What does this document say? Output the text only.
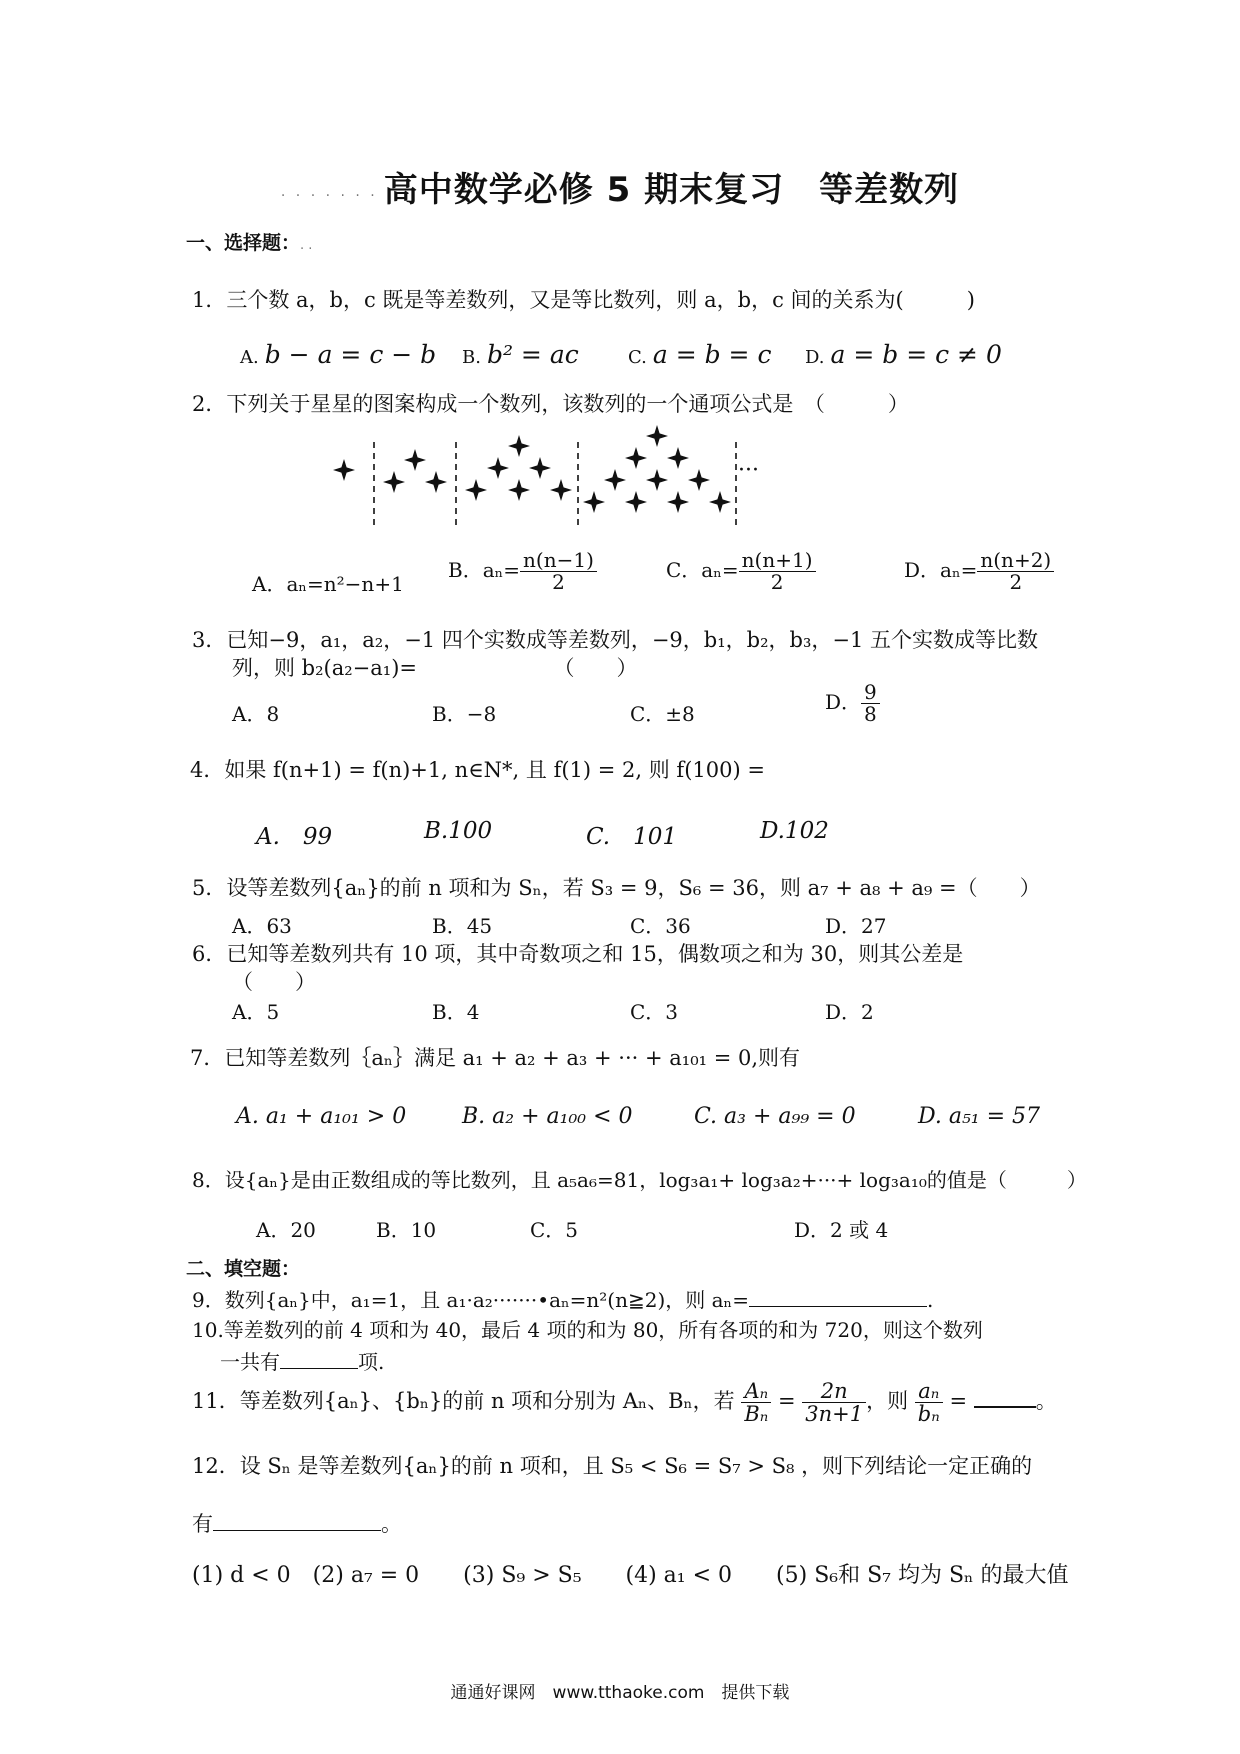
. . . . . . . 高中数学必修 5 期末复习　等差数列
一、选择题：. .
1．三个数 a，b，c 既是等差数列，又是等比数列，则 a，b，c 间的关系为(　　　)
A. b − a = c − b B. b² = ac	C. a = b = c D. a = b = c ≠ 0
2．下列关于星星的图案构成一个数列，该数列的一个通项公式是　（　　　）
···
A．aₙ=n²−n+1
B．$a_n= \frac{n(n-1)}{2}$	C．$a_n= \frac{n(n+1)}{2}$	D．$a_n= \frac{n(n+2)}{2}$
3．已知−9，a₁，a₂，−1 四个实数成等差数列，−9，b₁，b₂，b₃，−1 五个实数成等比数
列，则 b₂(a₂−a₁)=　　　　　　　（　　）
A．8	B．−8	C．±8	D． $\frac{9}{8}$
4．如果 f(n+1) = f(n)+1, n∈N*, 且 f(1) = 2, 则 f(100) =
A.　99	B.100	C.　101	D.102
5．设等差数列{aₙ}的前 n 项和为 Sₙ，若 S₃ = 9，S₆ = 36，则 a₇ + a₈ + a₉ =（　　）
A．63	B．45	C．36	D．27
6．已知等差数列共有 10 项，其中奇数项之和 15，偶数项之和为 30，则其公差是
（　　）
A．5	B．4	C．3	D．2
7．已知等差数列｛aₙ｝满足 a₁ + a₂ + a₃ + ··· + a₁₀₁ = 0,则有
A. a₁ + a₁₀₁ > 0	B. a₂ + a₁₀₀ < 0	C. a₃ + a₉₉ = 0	D. a₅₁ = 57
8．设{aₙ}是由正数组成的等比数列，且 a₅a₆=81，log₃a₁+ log₃a₂+···+ log₃a₁₀的值是（　　　）
A．20	B．10	C．5	D．2 或 4
二、填空题：
9．数列{aₙ}中，a₁=1，且 a₁·a₂·······•aₙ=n²(n≧2)，则 aₙ=	.
10.等差数列的前 4 项和为 40，最后 4 项的和为 80，所有各项的和为 720，则这个数列
一共有	项.
11．等差数列{aₙ}、{bₙ}的前 n 项和分别为 Aₙ、Bₙ，若 $\frac{\text{Aₙ}}{\text{Bₙ}} = \frac{2n}{3n+1}$ ，则 $\frac{\text{aₙ}}{\text{bₙ}}$ =	。
12．设 Sₙ 是等差数列{aₙ}的前 n 项和，且 S₅ < S₆ = S₇ > S₈ ，则下列结论一定正确的
有	。
(1) d < 0　(2) a₇ = 0　　(3) S₉ > S₅　　(4) a₁ < 0　　(5) S₆和 S₇ 均为 Sₙ 的最大值
通通好课网　www.tthaoke.com　提供下载
